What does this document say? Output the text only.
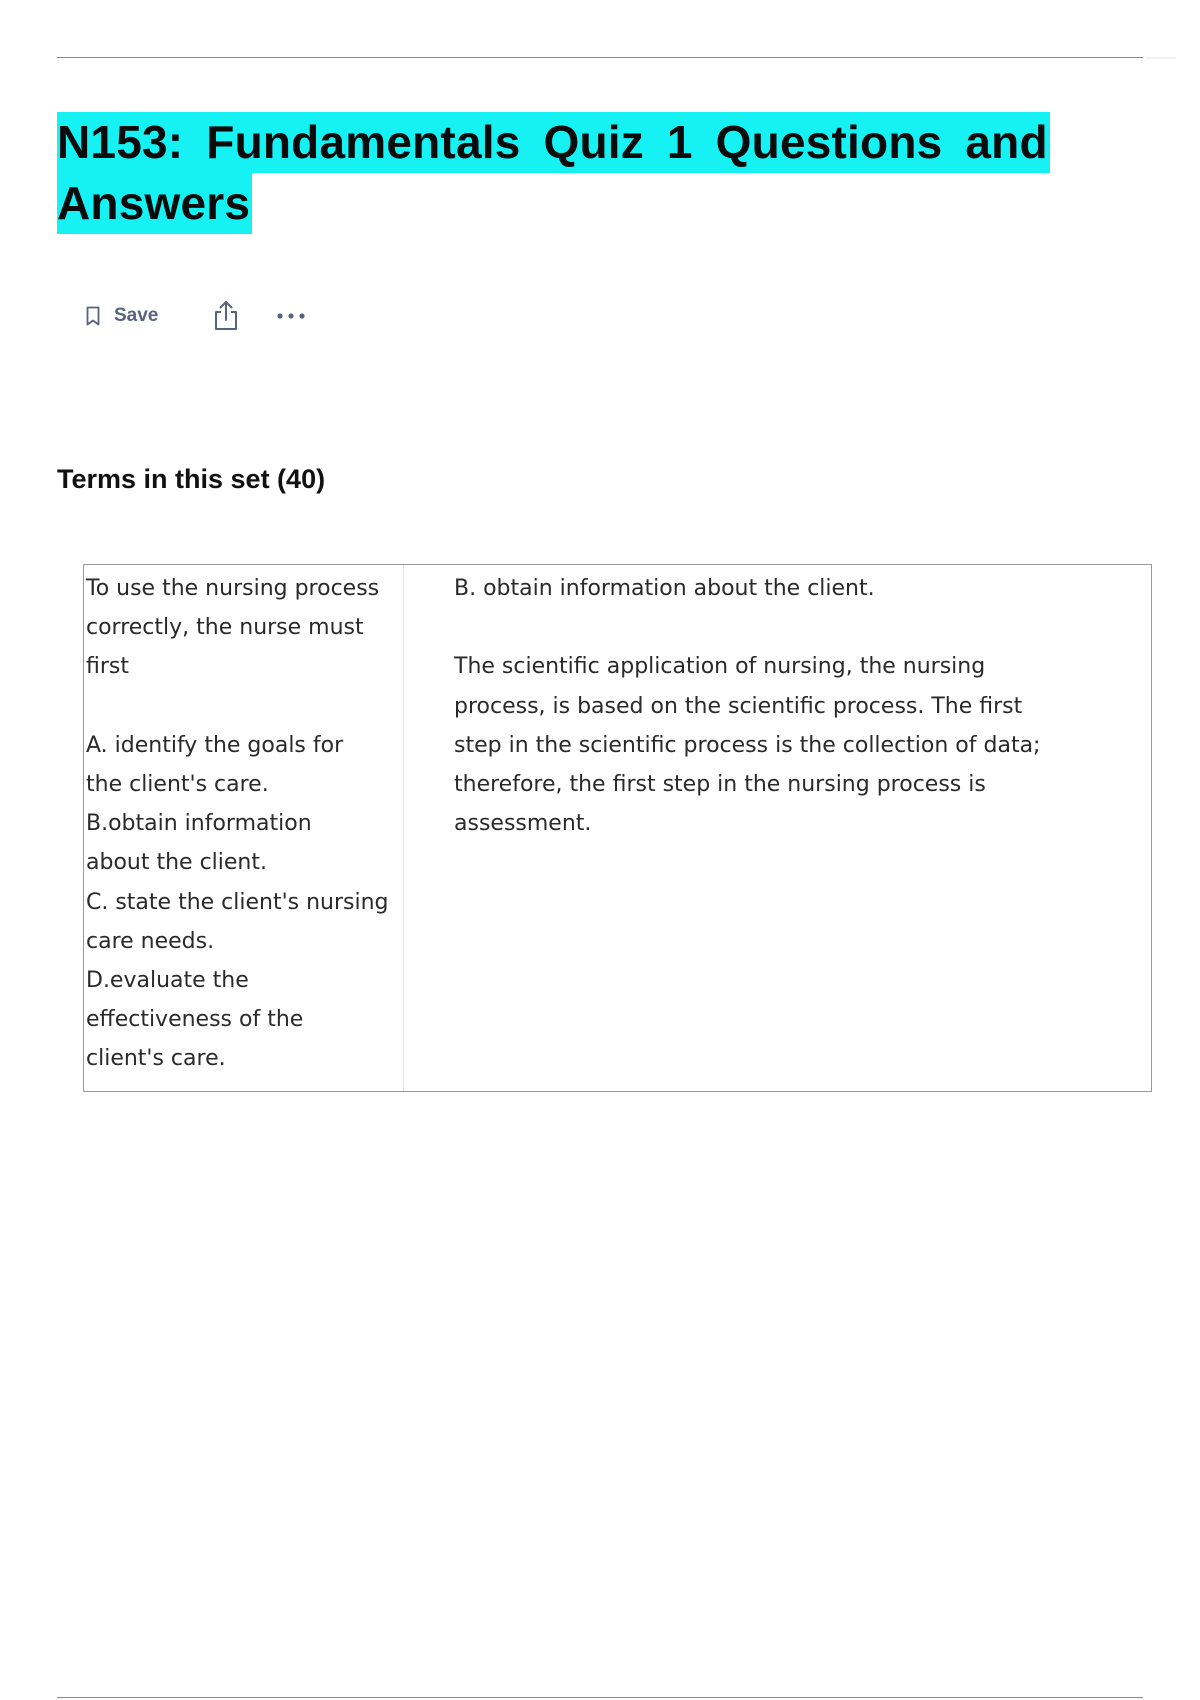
N153: Fundamentals Quiz 1 Questions and
Answers
Save
Terms in this set (40)
To use the nursing process
correctly, the nurse must
first
A. identify the goals for
the client's care.
B.obtain information
about the client.
C. state the client's nursing
care needs.
D.evaluate the
effectiveness of the
client's care.
B. obtain information about the client.
The scientific application of nursing, the nursing
process, is based on the scientific process. The first
step in the scientific process is the collection of data;
therefore, the first step in the nursing process is
assessment.
